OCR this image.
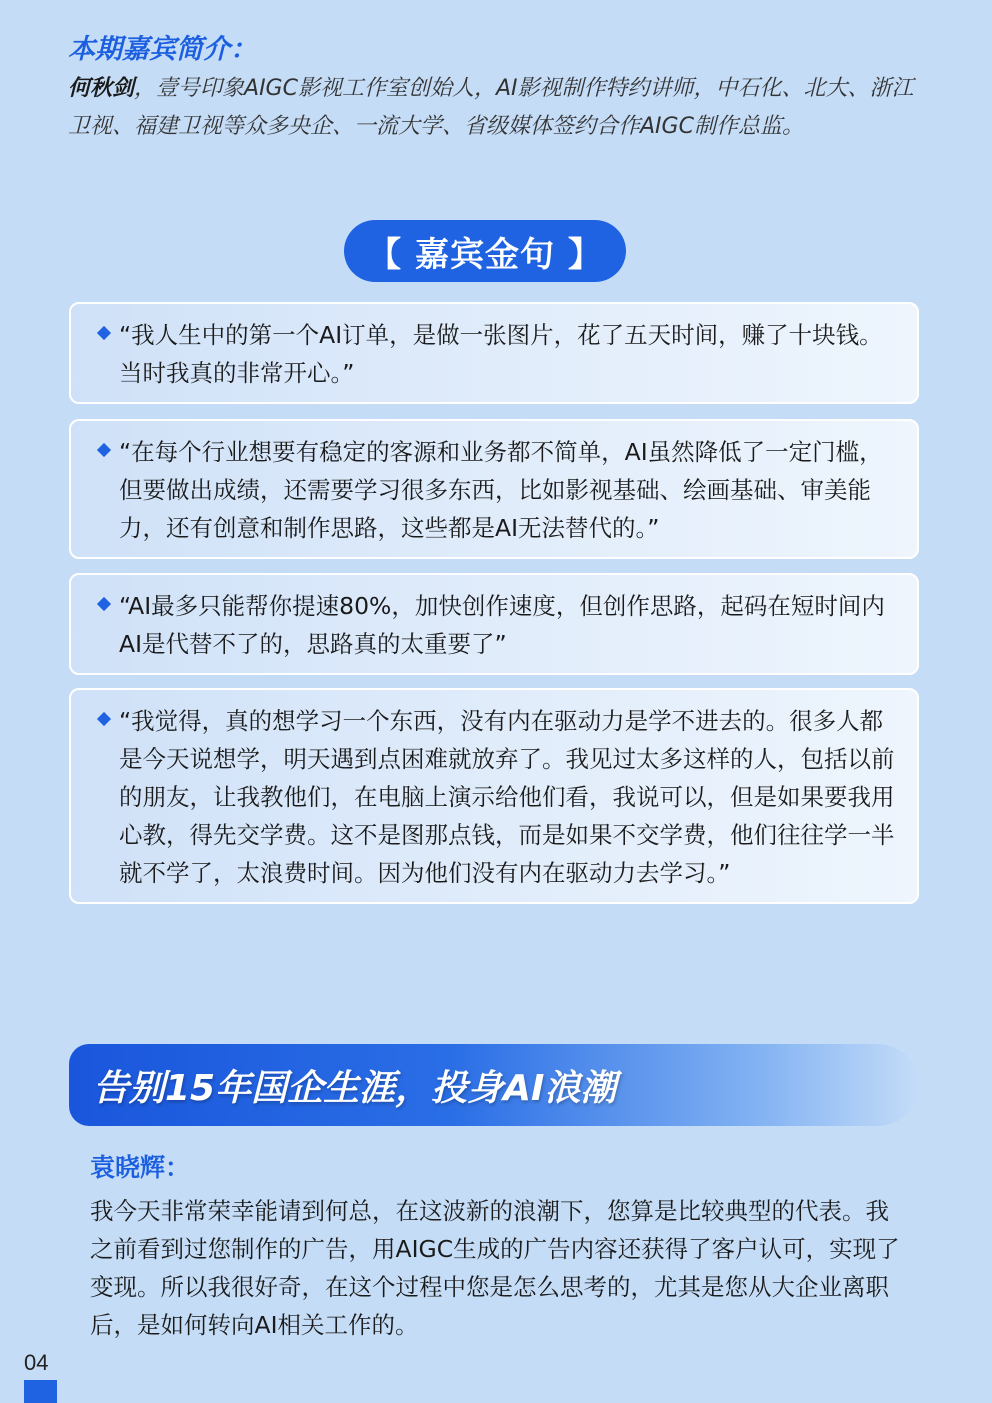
本期嘉宾简介：

何秋剑，壹号印象AIGC影视工作室创始人，AI影视制作特约讲师，中石化、北大、浙江卫视、福建卫视等众多央企、一流大学、省级媒体签约合作AIGC制作总监。

【 嘉宾金句 】

“我人生中的第一个AI订单，是做一张图片，花了五天时间，赚了十块钱。当时我真的非常开心。”

“在每个行业想要有稳定的客源和业务都不简单，AI虽然降低了一定门槛，但要做出成绩，还需要学习很多东西，比如影视基础、绘画基础、审美能力，还有创意和制作思路，这些都是AI无法替代的。”

“AI最多只能帮你提速80%，加快创作速度，但创作思路，起码在短时间内AI是代替不了的，思路真的太重要了”

“我觉得，真的想学习一个东西，没有内在驱动力是学不进去的。很多人都是今天说想学，明天遇到点困难就放弃了。我见过太多这样的人，包括以前的朋友，让我教他们，在电脑上演示给他们看，我说可以，但是如果要我用心教，得先交学费。这不是图那点钱，而是如果不交学费，他们往往学一半就不学了，太浪费时间。因为他们没有内在驱动力去学习。”

告别15年国企生涯，投身AI浪潮

袁晓辉：

我今天非常荣幸能请到何总，在这波新的浪潮下，您算是比较典型的代表。我之前看到过您制作的广告，用AIGC生成的广告内容还获得了客户认可，实现了变现。所以我很好奇，在这个过程中您是怎么思考的，尤其是您从大企业离职后，是如何转向AI相关工作的。

04
